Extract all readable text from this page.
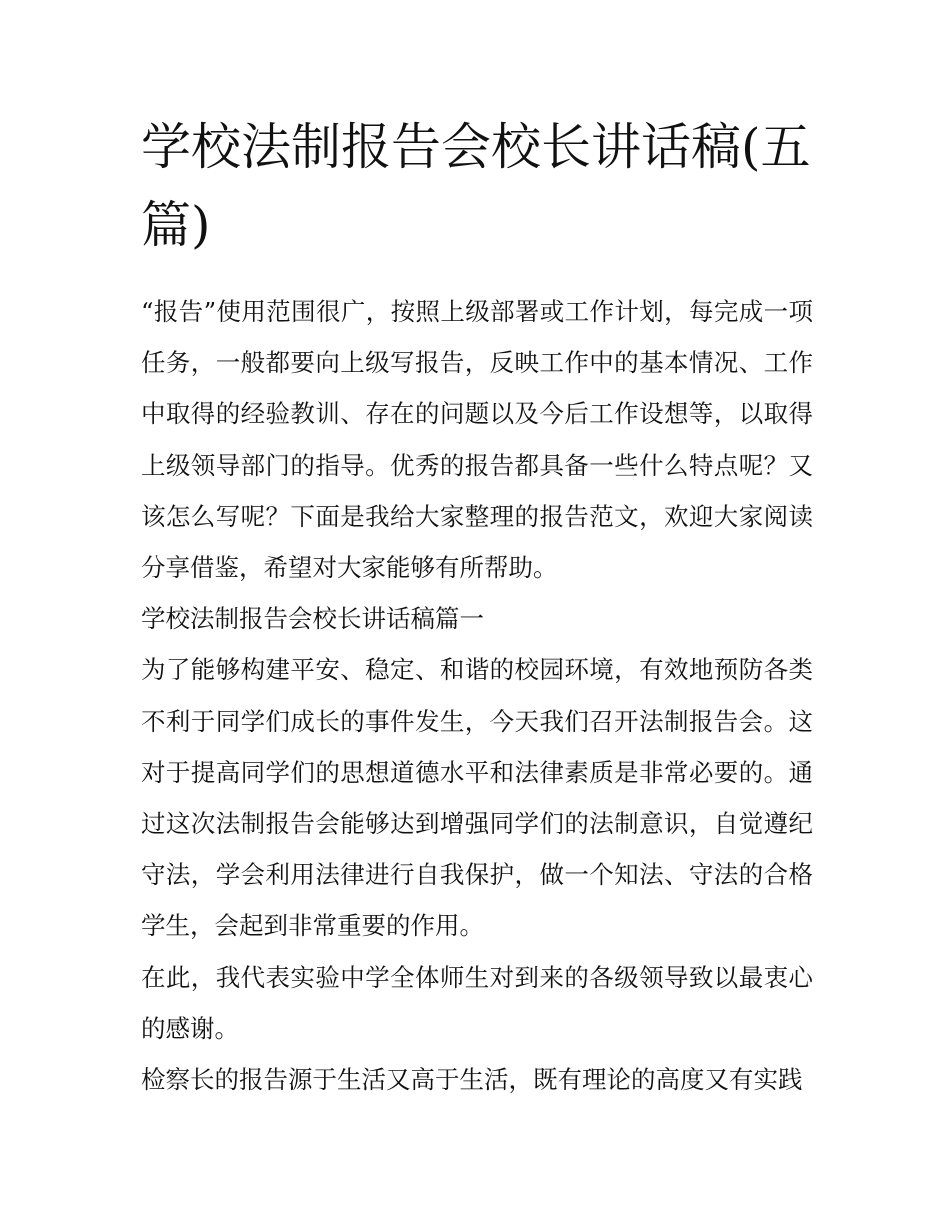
学校法制报告会校长讲话稿(五篇)

“报告”使用范围很广，按照上级部署或工作计划，每完成一项任务，一般都要向上级写报告，反映工作中的基本情况、工作中取得的经验教训、存在的问题以及今后工作设想等，以取得上级领导部门的指导。优秀的报告都具备一些什么特点呢？又该怎么写呢？下面是我给大家整理的报告范文，欢迎大家阅读分享借鉴，希望对大家能够有所帮助。

学校法制报告会校长讲话稿篇一

为了能够构建平安、稳定、和谐的校园环境，有效地预防各类不利于同学们成长的事件发生，今天我们召开法制报告会。这对于提高同学们的思想道德水平和法律素质是非常必要的。通过这次法制报告会能够达到增强同学们的法制意识，自觉遵纪守法，学会利用法律进行自我保护，做一个知法、守法的合格学生，会起到非常重要的作用。

在此，我代表实验中学全体师生对到来的各级领导致以最衷心的感谢。

检察长的报告源于生活又高于生活，既有理论的高度又有实践
